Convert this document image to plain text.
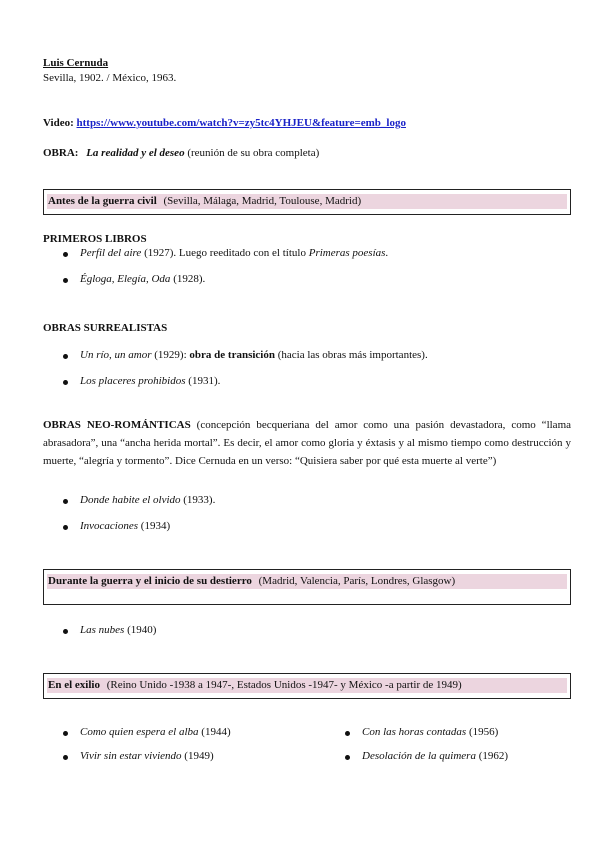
Luis Cernuda
Sevilla, 1902. / México, 1963.
Video: https://www.youtube.com/watch?v=zy5tc4YHJEU&feature=emb_logo
OBRA: La realidad y el deseo (reunión de su obra completa)
Antes de la guerra civil (Sevilla, Málaga, Madrid, Toulouse, Madrid)
PRIMEROS LIBROS
Perfil del aire (1927). Luego reeditado con el título Primeras poesías.
Égloga, Elegía, Oda (1928).
OBRAS SURREALISTAS
Un río, un amor (1929): obra de transición (hacia las obras más importantes).
Los placeres prohibidos (1931).
OBRAS NEO-ROMÁNTICAS (concepción becqueriana del amor como una pasión devastadora, como “llama abrasadora”, una “ancha herida mortal”. Es decir, el amor como gloria y éxtasis y al mismo tiempo como destrucción y muerte, “alegría y tormento”. Dice Cernuda en un verso: “Quisiera saber por qué esta muerte al verte”)
Donde habite el olvido (1933).
Invocaciones (1934)
Durante la guerra y el inicio de su destierro (Madrid, Valencia, París, Londres, Glasgow)
Las nubes (1940)
En el exilio (Reino Unido -1938 a 1947-, Estados Unidos -1947- y México -a partir de 1949)
Como quien espera el alba (1944)
Vivir sin estar viviendo (1949)
Con las horas contadas (1956)
Desolación de la quimera (1962)
